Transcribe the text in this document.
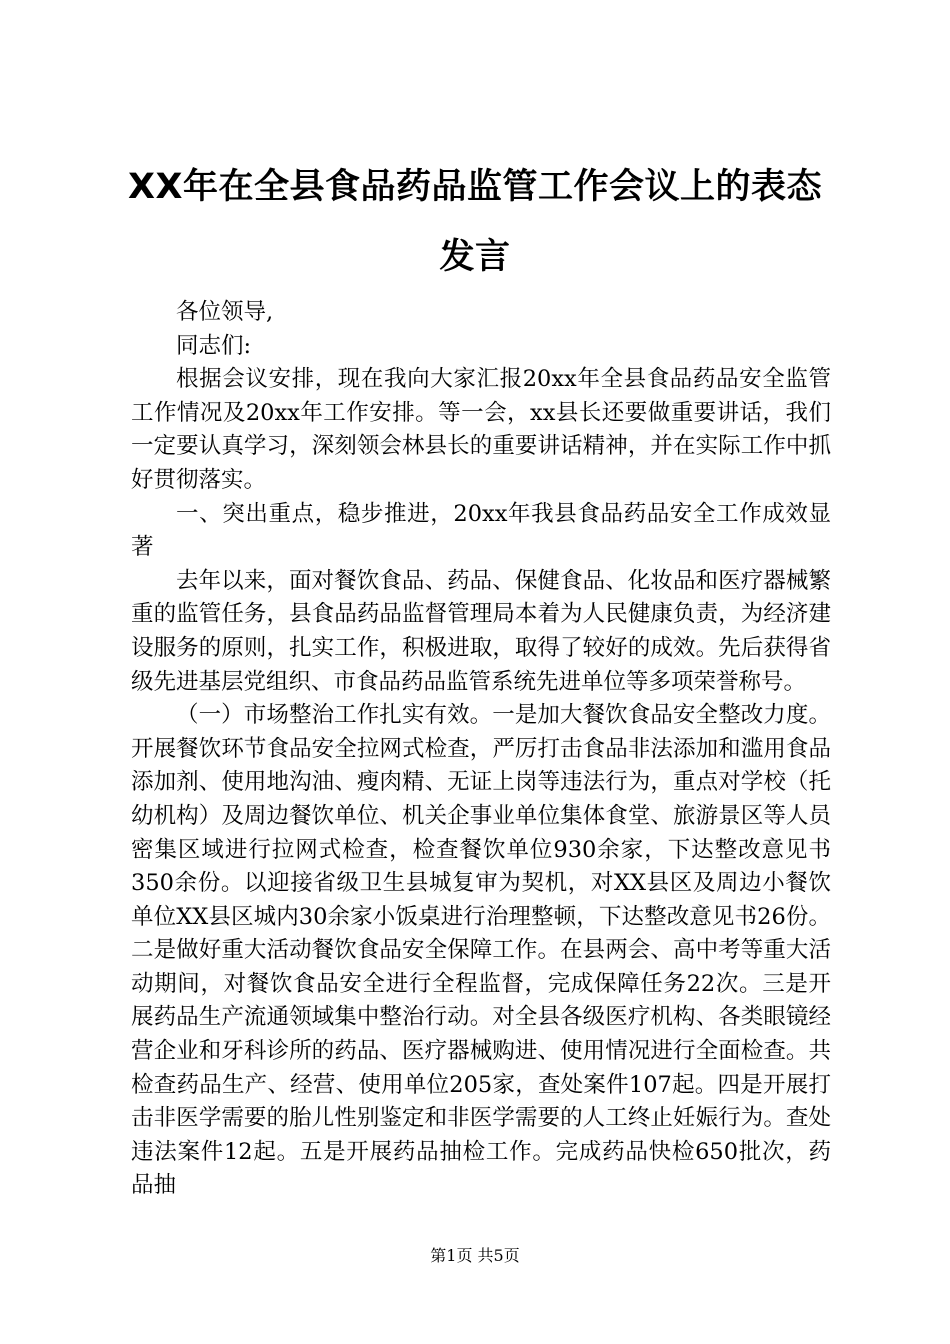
XX年在全县食品药品监管工作会议上的表态
发言

各位领导,

同志们:

根据会议安排，现在我向大家汇报20xx年全县食品药品安全监管工作情况及20xx年工作安排。等一会，xx县长还要做重要讲话，我们一定要认真学习，深刻领会林县长的重要讲话精神，并在实际工作中抓好贯彻落实。

一、突出重点，稳步推进，20xx年我县食品药品安全工作成效显著

去年以来，面对餐饮食品、药品、保健食品、化妆品和医疗器械繁重的监管任务，县食品药品监督管理局本着为人民健康负责，为经济建设服务的原则，扎实工作，积极进取，取得了较好的成效。先后获得省级先进基层党组织、市食品药品监管系统先进单位等多项荣誉称号。

（一）市场整治工作扎实有效。一是加大餐饮食品安全整改力度。开展餐饮环节食品安全拉网式检查，严厉打击食品非法添加和滥用食品添加剂、使用地沟油、瘦肉精、无证上岗等违法行为，重点对学校（托幼机构）及周边餐饮单位、机关企事业单位集体食堂、旅游景区等人员密集区域进行拉网式检查，检查餐饮单位930余家，下达整改意见书350余份。以迎接省级卫生县城复审为契机，对XX县区及周边小餐饮单位XX县区城内30余家小饭桌进行治理整顿，下达整改意见书26份。二是做好重大活动餐饮食品安全保障工作。在县两会、高中考等重大活动期间，对餐饮食品安全进行全程监督，完成保障任务22次。三是开展药品生产流通领域集中整治行动。对全县各级医疗机构、各类眼镜经营企业和牙科诊所的药品、医疗器械购进、使用情况进行全面检查。共检查药品生产、经营、使用单位205家，查处案件107起。四是开展打击非医学需要的胎儿性别鉴定和非医学需要的人工终止妊娠行为。查处违法案件12起。五是开展药品抽检工作。完成药品快检650批次，药品抽

第1页 共5页
